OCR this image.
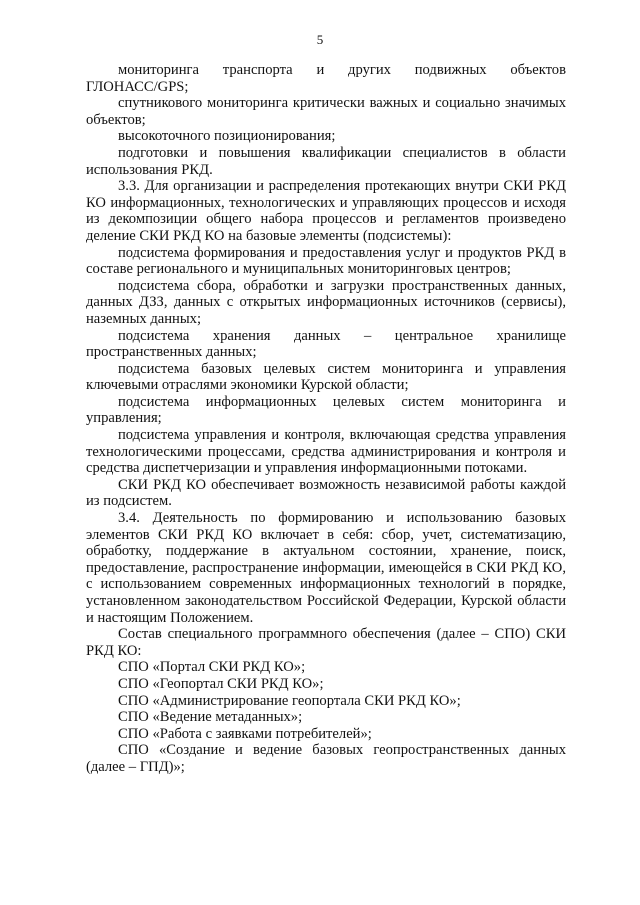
5

мониторинга транспорта и других подвижных объектов ГЛОНАСС/GPS;

спутникового мониторинга критически важных и социально значимых объектов;

высокоточного позиционирования;

подготовки и повышения квалификации специалистов в области использования РКД.

3.3. Для организации и распределения протекающих внутри СКИ РКД КО информационных, технологических и управляющих процессов и исходя из декомпозиции общего набора процессов и регламентов произведено деление СКИ РКД КО на базовые элементы (подсистемы):

подсистема формирования и предоставления услуг и продуктов РКД в составе регионального и муниципальных мониторинговых центров;

подсистема сбора, обработки и загрузки пространственных данных, данных ДЗЗ, данных с открытых информационных источников (сервисы), наземных данных;

подсистема хранения данных – центральное хранилище пространственных данных;

подсистема базовых целевых систем мониторинга и управления ключевыми отраслями экономики Курской области;

подсистема информационных целевых систем мониторинга и управления;

подсистема управления и контроля, включающая средства управления технологическими процессами, средства администрирования и контроля и средства диспетчеризации и управления информационными потоками.

СКИ РКД КО обеспечивает возможность независимой работы каждой из подсистем.

3.4. Деятельность по формированию и использованию базовых элементов СКИ РКД КО включает в себя: сбор, учет, систематизацию, обработку, поддержание в актуальном состоянии, хранение, поиск, предоставление, распространение информации, имеющейся в СКИ РКД КО, с использованием современных информационных технологий в порядке, установленном законодательством Российской Федерации, Курской области и настоящим Положением.

Состав специального программного обеспечения (далее – СПО) СКИ РКД КО:

СПО «Портал СКИ РКД КО»;

СПО «Геопортал СКИ РКД КО»;

СПО «Администрирование геопортала СКИ РКД КО»;

СПО «Ведение метаданных»;

СПО «Работа с заявками потребителей»;

СПО «Создание и ведение базовых геопространственных данных (далее – ГПД)»;
